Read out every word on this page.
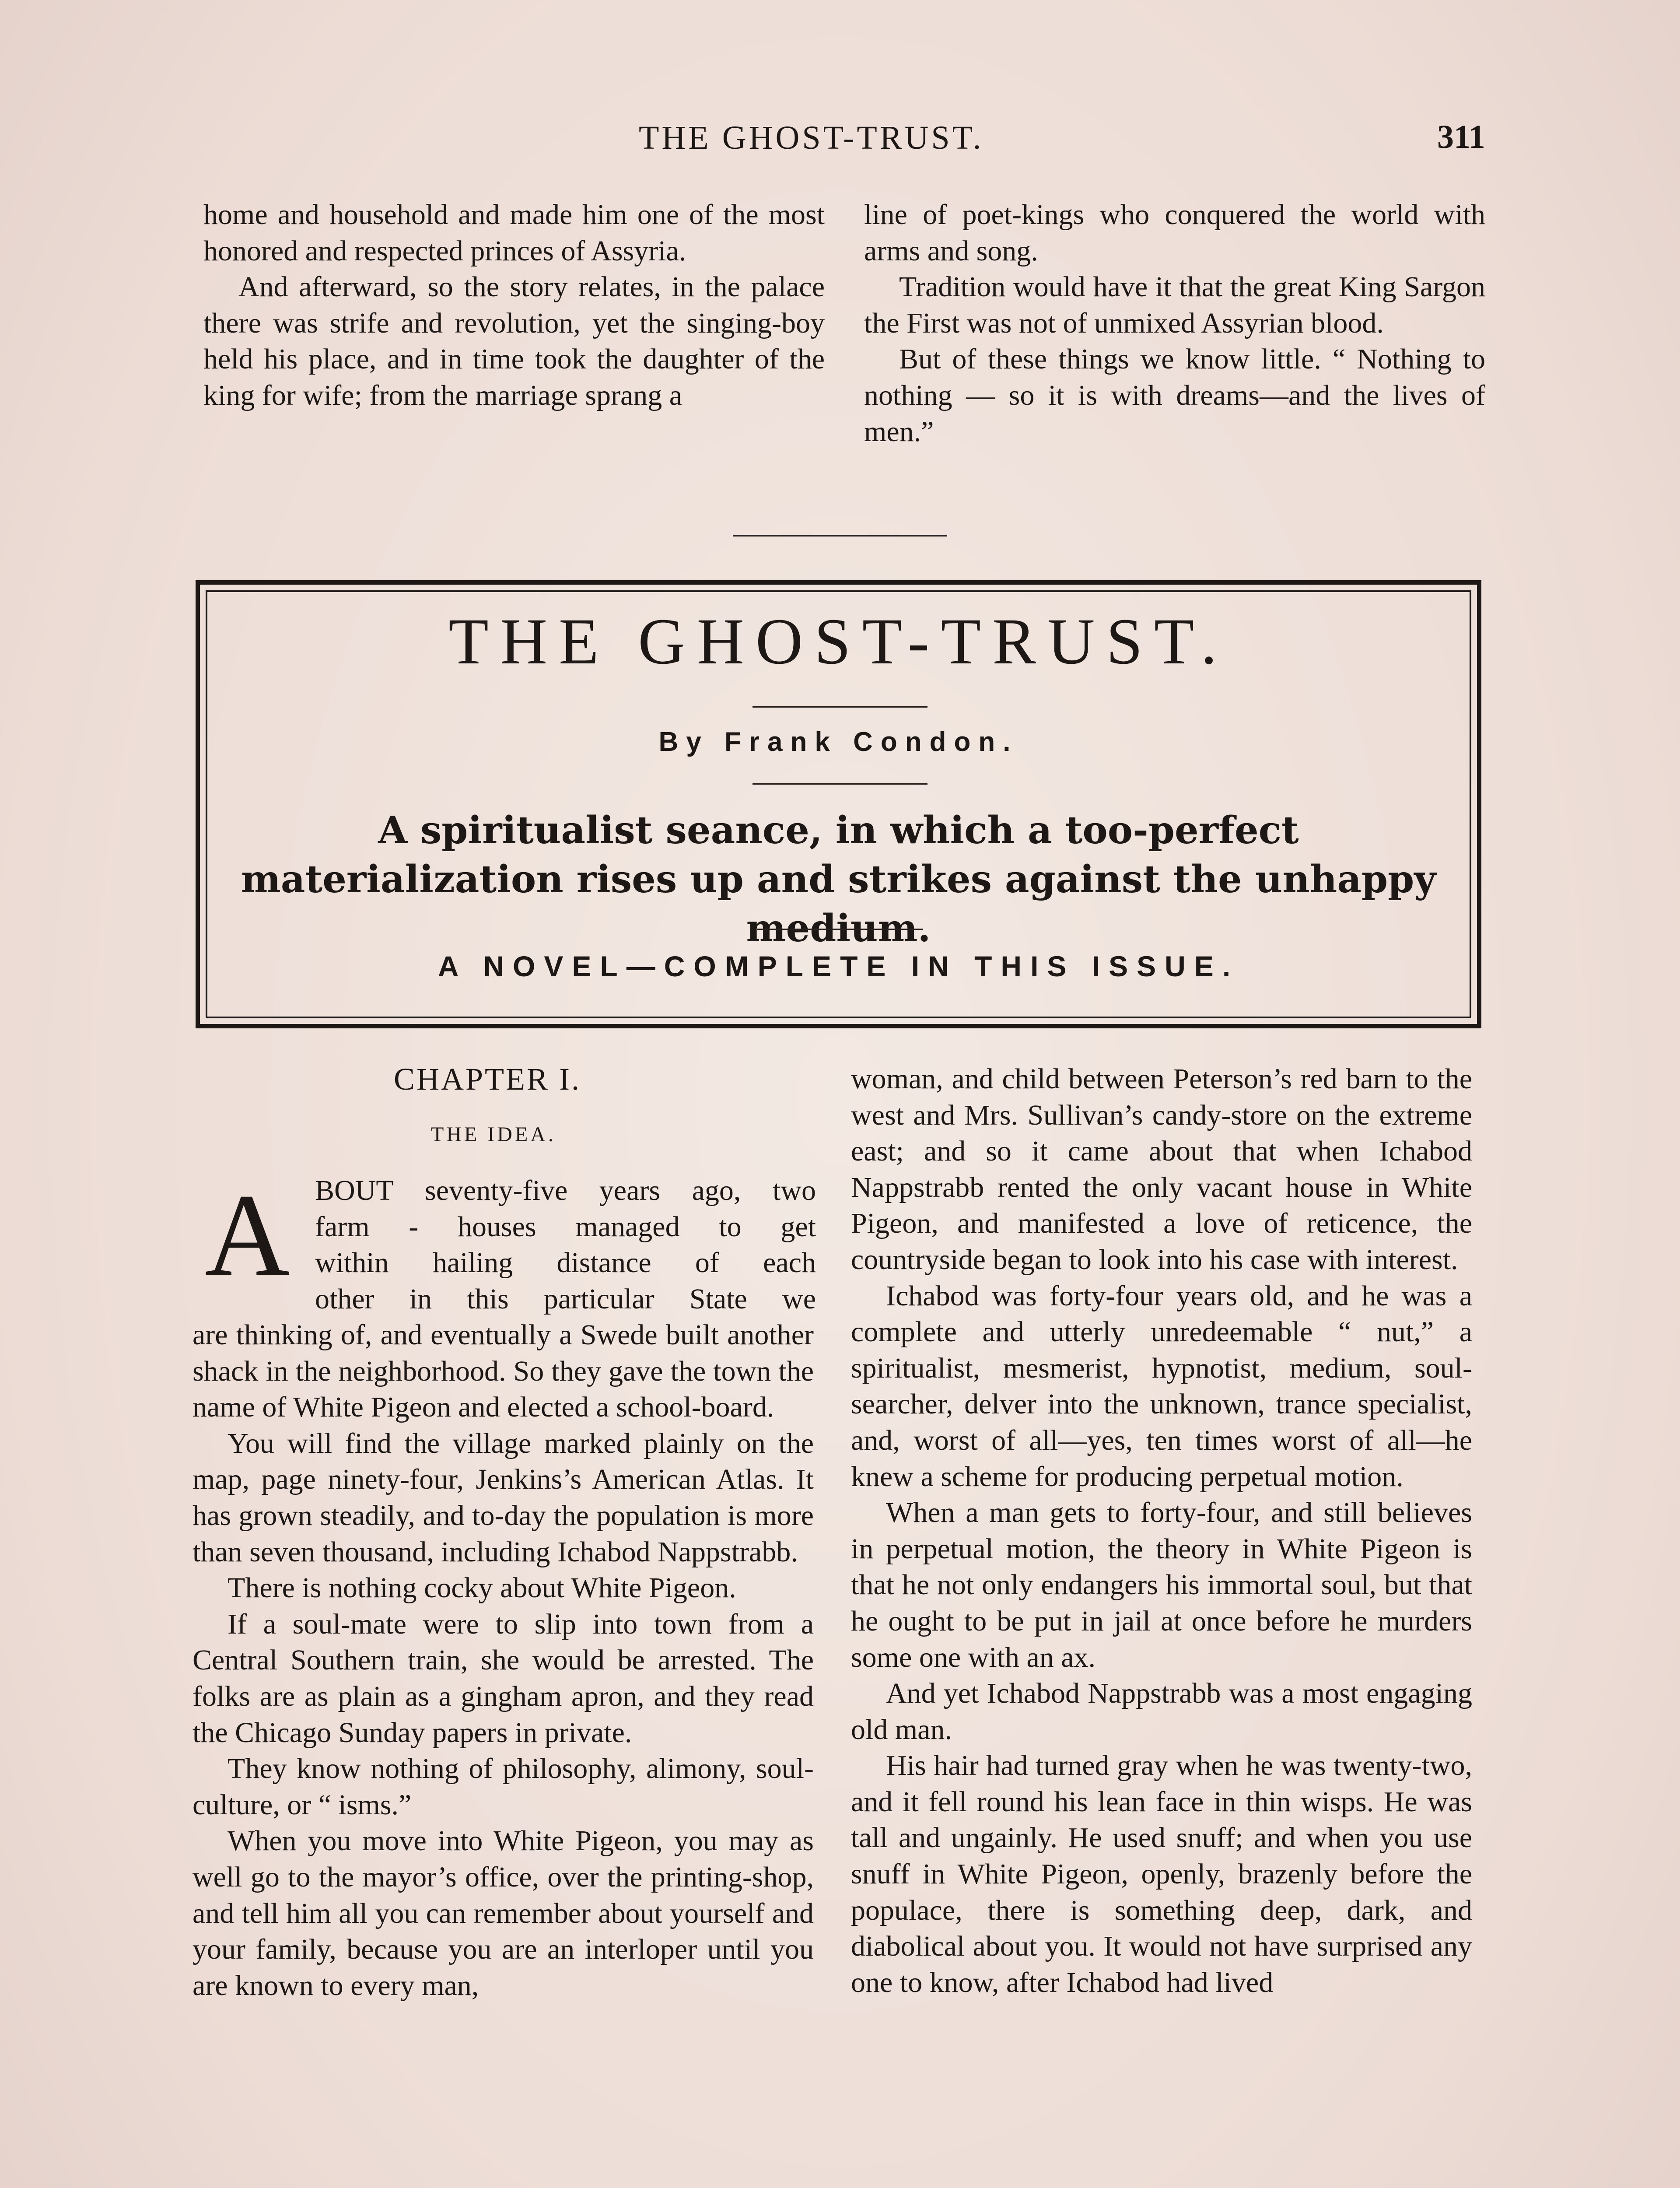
THE GHOST-TRUST.	311

home and household and made him one of the most honored and respected princes of Assyria.

And afterward, so the story relates, in the palace there was strife and revolution, yet the singing-boy held his place, and in time took the daughter of the king for wife; from the marriage sprang a

line of poet-kings who conquered the world with arms and song.

Tradition would have it that the great King Sargon the First was not of unmixed Assyrian blood.

But of these things we know little. “ Nothing to nothing — so it is with dreams—and the lives of men.”

THE GHOST-TRUST.
By Frank Condon.
A spiritualist seance, in which a too-perfect materialization rises up and strikes against the unhappy medium.
A NOVEL—COMPLETE IN THIS ISSUE.
CHAPTER I.
THE IDEA.
A BOUT seventy-five years ago, two
farm - houses managed to get
within hailing distance of each
other in this particular State we

are thinking of, and eventually a Swede built another shack in the neighborhood. So they gave the town the name of White Pigeon and elected a school-board.

You will find the village marked plainly on the map, page ninety-four, Jenkins’s American Atlas. It has grown steadily, and to-day the population is more than seven thousand, including Ichabod Nappstrabb.

There is nothing cocky about White Pigeon.

If a soul-mate were to slip into town from a Central Southern train, she would be arrested. The folks are as plain as a gingham apron, and they read the Chicago Sunday papers in private.

They know nothing of philosophy, alimony, soul-culture, or “ isms.”

When you move into White Pigeon, you may as well go to the mayor’s office, over the printing-shop, and tell him all you can remember about yourself and your family, because you are an interloper until you are known to every man,

woman, and child between Peterson’s red barn to the west and Mrs. Sullivan’s candy-store on the extreme east; and so it came about that when Ichabod Nappstrabb rented the only vacant house in White Pigeon, and manifested a love of reticence, the countryside began to look into his case with interest.

Ichabod was forty-four years old, and he was a complete and utterly unredeemable “ nut,” a spiritualist, mesmerist, hypnotist, medium, soul-searcher, delver into the unknown, trance specialist, and, worst of all—yes, ten times worst of all—he knew a scheme for producing perpetual motion.

When a man gets to forty-four, and still believes in perpetual motion, the theory in White Pigeon is that he not only endangers his immortal soul, but that he ought to be put in jail at once before he murders some one with an ax.

And yet Ichabod Nappstrabb was a most engaging old man.

His hair had turned gray when he was twenty-two, and it fell round his lean face in thin wisps. He was tall and ungainly. He used snuff; and when you use snuff in White Pigeon, openly, brazenly before the populace, there is something deep, dark, and diabolical about you. It would not have surprised any one to know, after Ichabod had lived
